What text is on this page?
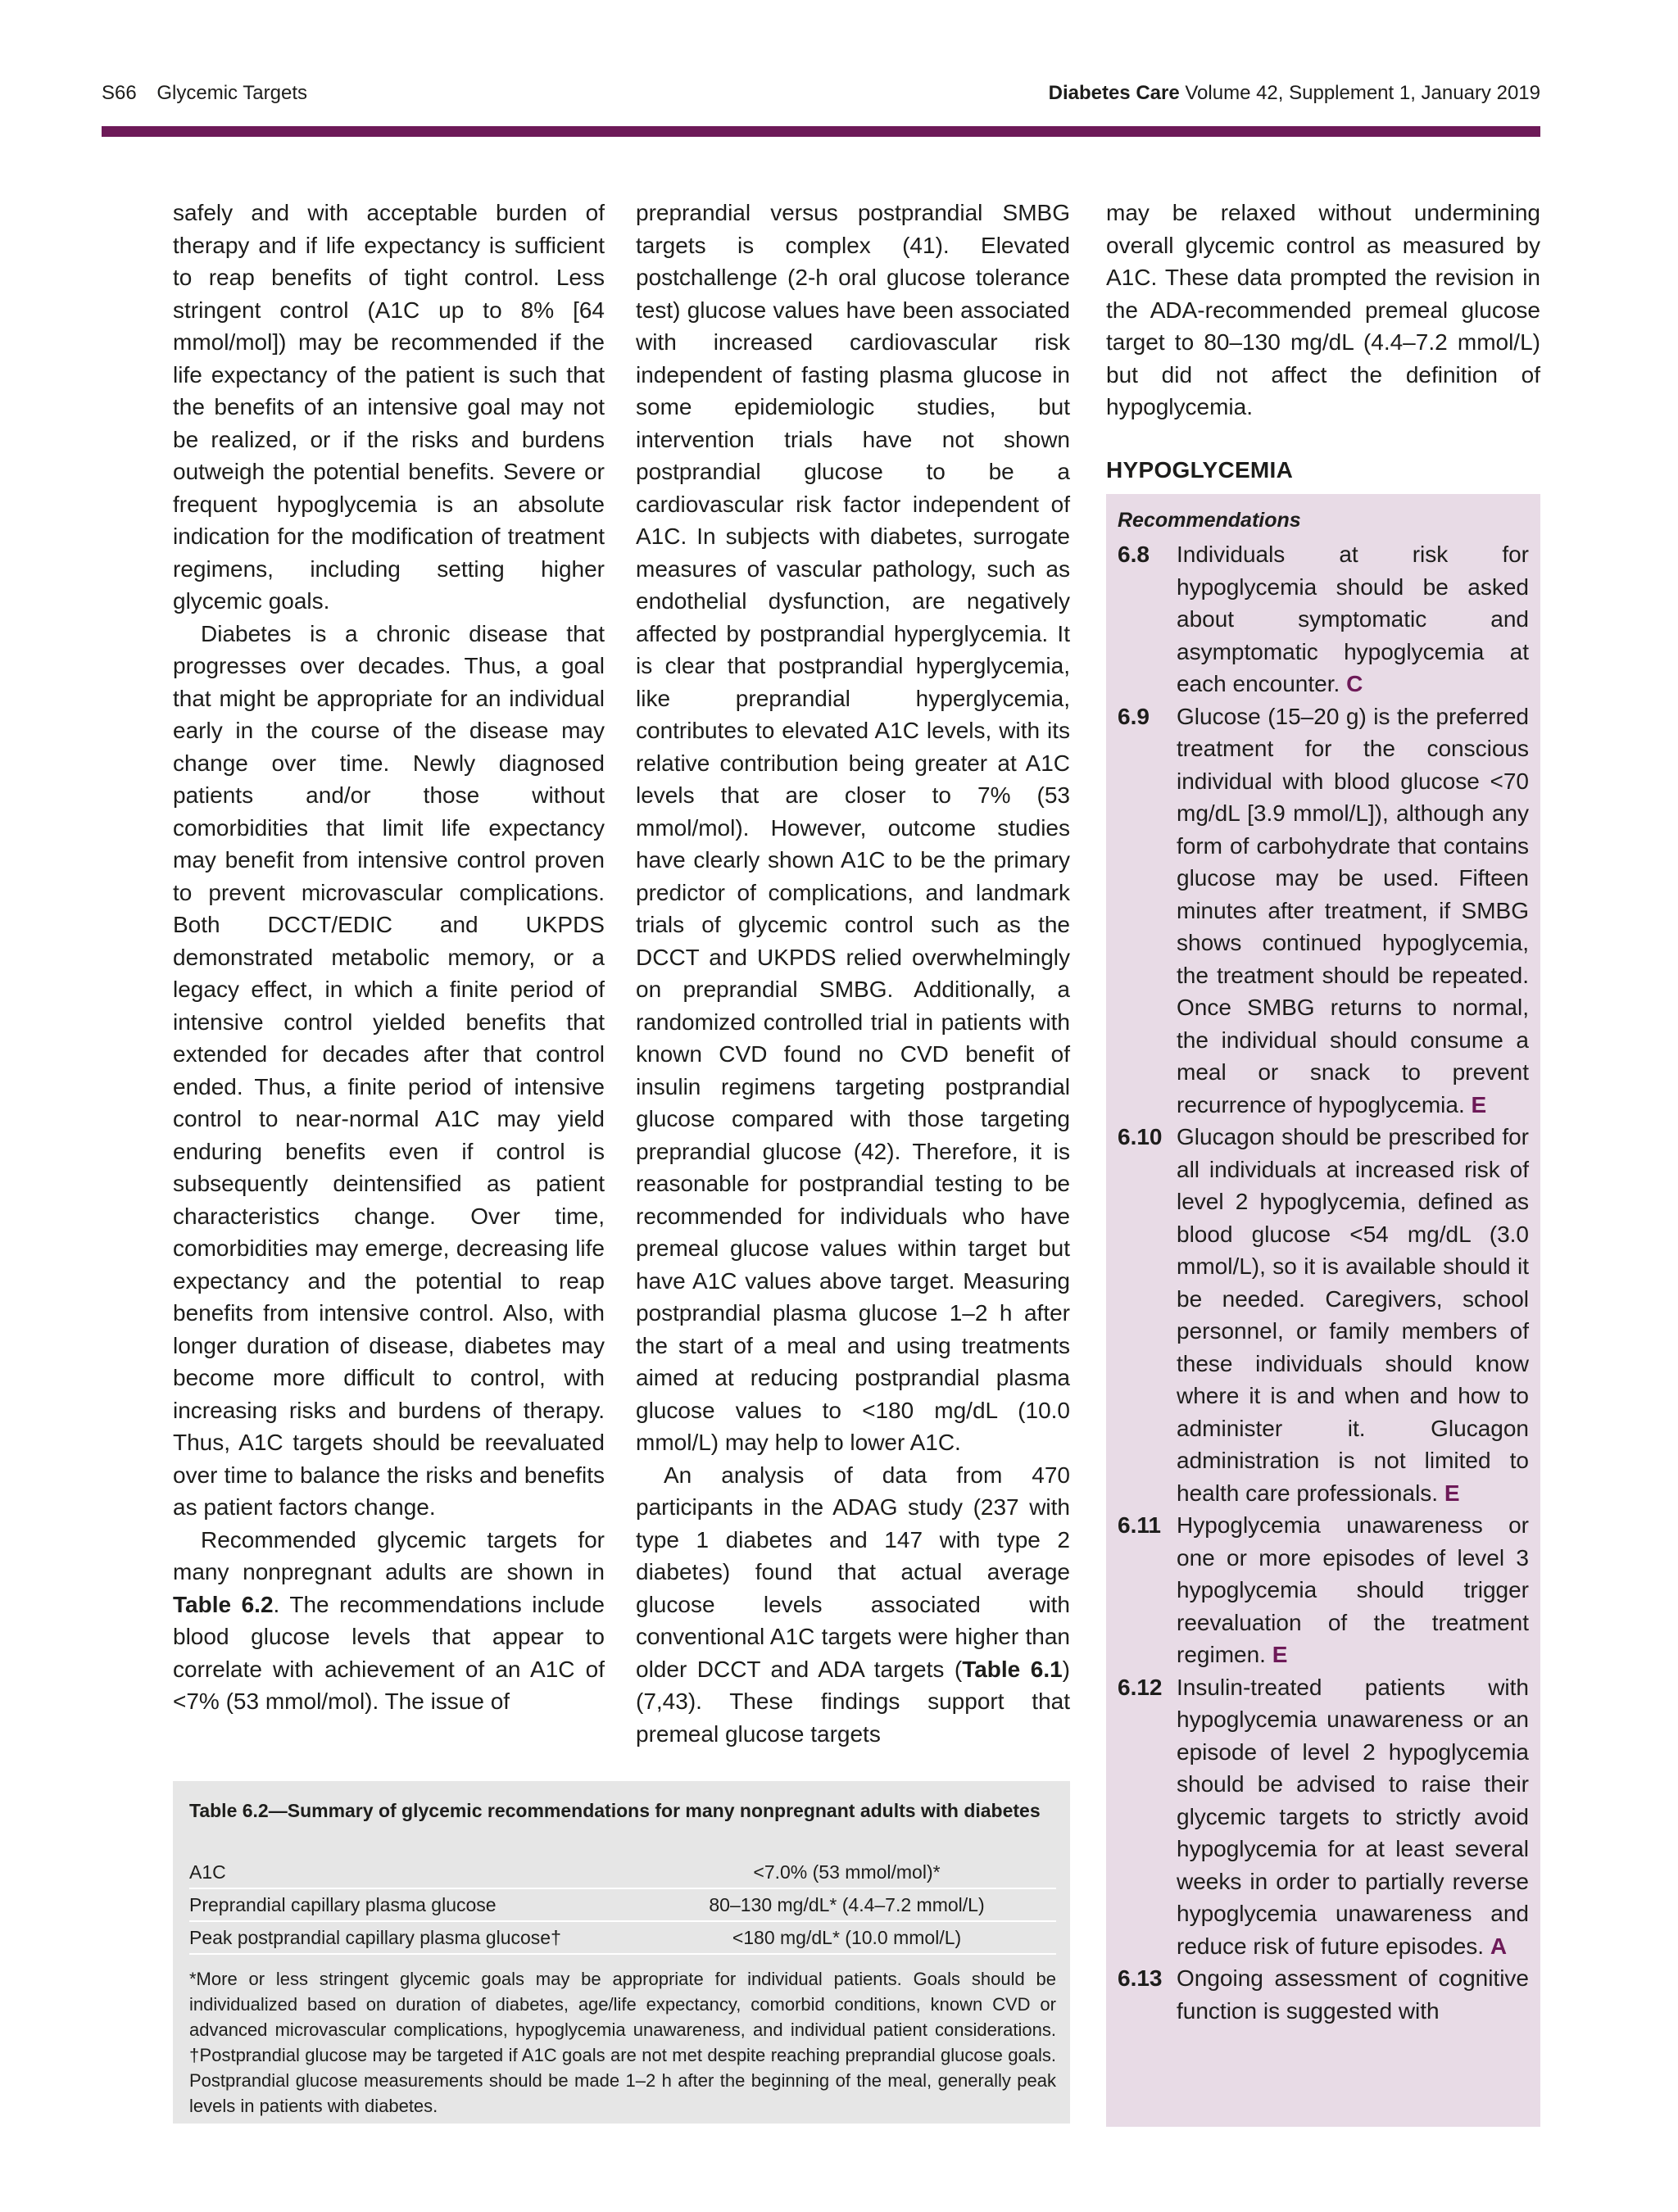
S66 Glycemic Targets	Diabetes Care Volume 42, Supplement 1, January 2019

safely and with acceptable burden of therapy and if life expectancy is sufficient to reap benefits of tight control. Less stringent control (A1C up to 8% [64 mmol/mol]) may be recommended if the life expectancy of the patient is such that the benefits of an intensive goal may not be realized, or if the risks and burdens outweigh the potential benefits. Severe or frequent hypoglycemia is an absolute indication for the modification of treatment regimens, including setting higher glycemic goals.

Diabetes is a chronic disease that progresses over decades. Thus, a goal that might be appropriate for an individual early in the course of the disease may change over time. Newly diagnosed patients and/or those without comorbidities that limit life expectancy may benefit from intensive control proven to prevent microvascular complications. Both DCCT/EDIC and UKPDS demonstrated metabolic memory, or a legacy effect, in which a finite period of intensive control yielded benefits that extended for decades after that control ended. Thus, a finite period of intensive control to near-normal A1C may yield enduring benefits even if control is subsequently deintensified as patient characteristics change. Over time, comorbidities may emerge, decreasing life expectancy and the potential to reap benefits from intensive control. Also, with longer duration of disease, diabetes may become more difficult to control, with increasing risks and burdens of therapy. Thus, A1C targets should be reevaluated over time to balance the risks and benefits as patient factors change.

Recommended glycemic targets for many nonpregnant adults are shown in Table 6.2. The recommendations include blood glucose levels that appear to correlate with achievement of an A1C of <7% (53 mmol/mol). The issue of

preprandial versus postprandial SMBG targets is complex (41). Elevated postchallenge (2-h oral glucose tolerance test) glucose values have been associated with increased cardiovascular risk independent of fasting plasma glucose in some epidemiologic studies, but intervention trials have not shown postprandial glucose to be a cardiovascular risk factor independent of A1C. In subjects with diabetes, surrogate measures of vascular pathology, such as endothelial dysfunction, are negatively affected by postprandial hyperglycemia. It is clear that postprandial hyperglycemia, like preprandial hyperglycemia, contributes to elevated A1C levels, with its relative contribution being greater at A1C levels that are closer to 7% (53 mmol/mol). However, outcome studies have clearly shown A1C to be the primary predictor of complications, and landmark trials of glycemic control such as the DCCT and UKPDS relied overwhelmingly on preprandial SMBG. Additionally, a randomized controlled trial in patients with known CVD found no CVD benefit of insulin regimens targeting postprandial glucose compared with those targeting preprandial glucose (42). Therefore, it is reasonable for postprandial testing to be recommended for individuals who have premeal glucose values within target but have A1C values above target. Measuring postprandial plasma glucose 1–2 h after the start of a meal and using treatments aimed at reducing postprandial plasma glucose values to <180 mg/dL (10.0 mmol/L) may help to lower A1C.

An analysis of data from 470 participants in the ADAG study (237 with type 1 diabetes and 147 with type 2 diabetes) found that actual average glucose levels associated with conventional A1C targets were higher than older DCCT and ADA targets (Table 6.1) (7,43). These findings support that premeal glucose targets

may be relaxed without undermining overall glycemic control as measured by A1C. These data prompted the revision in the ADA-recommended premeal glucose target to 80–130 mg/dL (4.4–7.2 mmol/L) but did not affect the definition of hypoglycemia.

HYPOGLYCEMIA
Recommendations
6.8 Individuals at risk for hypoglycemia should be asked about symptomatic and asymptomatic hypoglycemia at each encounter. C
6.9 Glucose (15–20 g) is the preferred treatment for the conscious individual with blood glucose <70 mg/dL [3.9 mmol/L]), although any form of carbohydrate that contains glucose may be used. Fifteen minutes after treatment, if SMBG shows continued hypoglycemia, the treatment should be repeated. Once SMBG returns to normal, the individual should consume a meal or snack to prevent recurrence of hypoglycemia. E
6.10 Glucagon should be prescribed for all individuals at increased risk of level 2 hypoglycemia, defined as blood glucose <54 mg/dL (3.0 mmol/L), so it is available should it be needed. Caregivers, school personnel, or family members of these individuals should know where it is and when and how to administer it. Glucagon administration is not limited to health care professionals. E
6.11 Hypoglycemia unawareness or one or more episodes of level 3 hypoglycemia should trigger reevaluation of the treatment regimen. E
6.12 Insulin-treated patients with hypoglycemia unawareness or an episode of level 2 hypoglycemia should be advised to raise their glycemic targets to strictly avoid hypoglycemia for at least several weeks in order to partially reverse hypoglycemia unawareness and reduce risk of future episodes. A
6.13 Ongoing assessment of cognitive function is suggested with
Table 6.2—Summary of glycemic recommendations for many nonpregnant adults with diabetes
A1C	<7.0% (53 mmol/mol)*
Preprandial capillary plasma glucose	80–130 mg/dL* (4.4–7.2 mmol/L)
Peak postprandial capillary plasma glucose†	<180 mg/dL* (10.0 mmol/L)
*More or less stringent glycemic goals may be appropriate for individual patients. Goals should be individualized based on duration of diabetes, age/life expectancy, comorbid conditions, known CVD or advanced microvascular complications, hypoglycemia unawareness, and individual patient considerations. †Postprandial glucose may be targeted if A1C goals are not met despite reaching preprandial glucose goals. Postprandial glucose measurements should be made 1–2 h after the beginning of the meal, generally peak levels in patients with diabetes.
